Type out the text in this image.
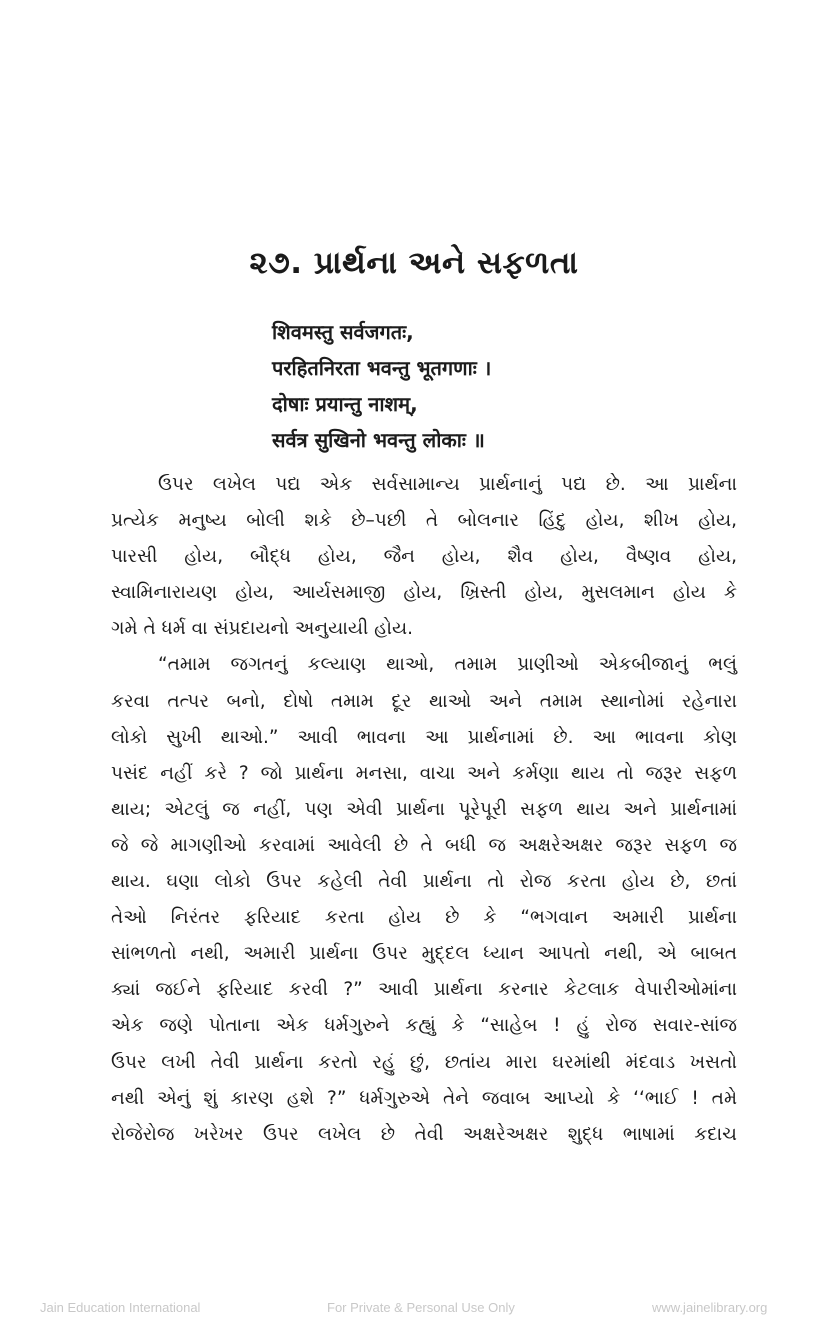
૨૭. પ્રાર્થના અને સફળતા
शिवमस्तु सर्वजगतः,
परहितनिरता भवन्तु भूतगणाः ।
दोषाः प्रयान्तु नाशम्,
सर्वत्र सुखिनो भवन्तु लोकाः ॥
ઉપર લખેલ પદ્ય એક સર્વસામાન્ય પ્રાર્થનાનું પદ્ય છે. આ પ્રાર્થના
પ્રત્યેક મનુષ્ય બોલી શકે છે–પછી તે બોલનાર હિંદુ હોય, શીખ હોય,
પારસી હોય, બૌદ્ધ હોય, જૈન હોય, શૈવ હોય, વૈષ્ણવ હોય,
સ્વામિનારાયણ હોય, આર્યસમાજી હોય, ખ્રિસ્તી હોય, મુસલમાન હોય કે
ગમે તે ધર્મ વા સંપ્રદાયનો અનુયાયી હોય.
“તમામ જગતનું કલ્યાણ થાઓ, તમામ પ્રાણીઓ એકબીજાનું ભલું
કરવા તત્પર બનો, દોષો તમામ દૂર થાઓ અને તમામ સ્થાનોમાં રહેનારા
લોકો સુખી થાઓ.” આવી ભાવના આ પ્રાર્થનામાં છે. આ ભાવના કોણ
પસંદ નહીં કરે ? જો પ્રાર્થના મનસા, વાચા અને કર્મણા થાય તો જરૂર સફળ
થાય; એટલું જ નહીં, પણ એવી પ્રાર્થના પૂરેપૂરી સફળ થાય અને પ્રાર્થનામાં
જે જે માગણીઓ કરવામાં આવેલી છે તે બધી જ અક્ષરેઅક્ષર જરૂર સફળ જ
થાય. ઘણા લોકો ઉપર કહેલી તેવી પ્રાર્થના તો રોજ કરતા હોય છે, છતાં
તેઓ નિરંતર ફરિયાદ કરતા હોય છે કે “ભગવાન અમારી પ્રાર્થના
સાંભળતો નથી, અમારી પ્રાર્થના ઉપર મુદ્દલ ધ્યાન આપતો નથી, એ બાબત
ક્યાં જઈને ફરિયાદ કરવી ?” આવી પ્રાર્થના કરનાર કેટલાક વેપારીઓમાંના
એક જણે પોતાના એક ધર્મગુરુને કહ્યું કે “સાહેબ ! હું રોજ સવાર-સાંજ
ઉપર લખી તેવી પ્રાર્થના કરતો રહું છું, છતાંય મારા ઘરમાંથી મંદવાડ ખસતો
નથી એનું શું કારણ હશે ?” ધર્મગુરુએ તેને જવાબ આપ્યો કે ‘‘ભાઈ ! તમે
રોજેરોજ ખરેખર ઉપર લખેલ છે તેવી અક્ષરેઅક્ષર શુદ્ધ ભાષામાં કદાચ
Jain Education International	For Private & Personal Use Only	www.jainelibrary.org
